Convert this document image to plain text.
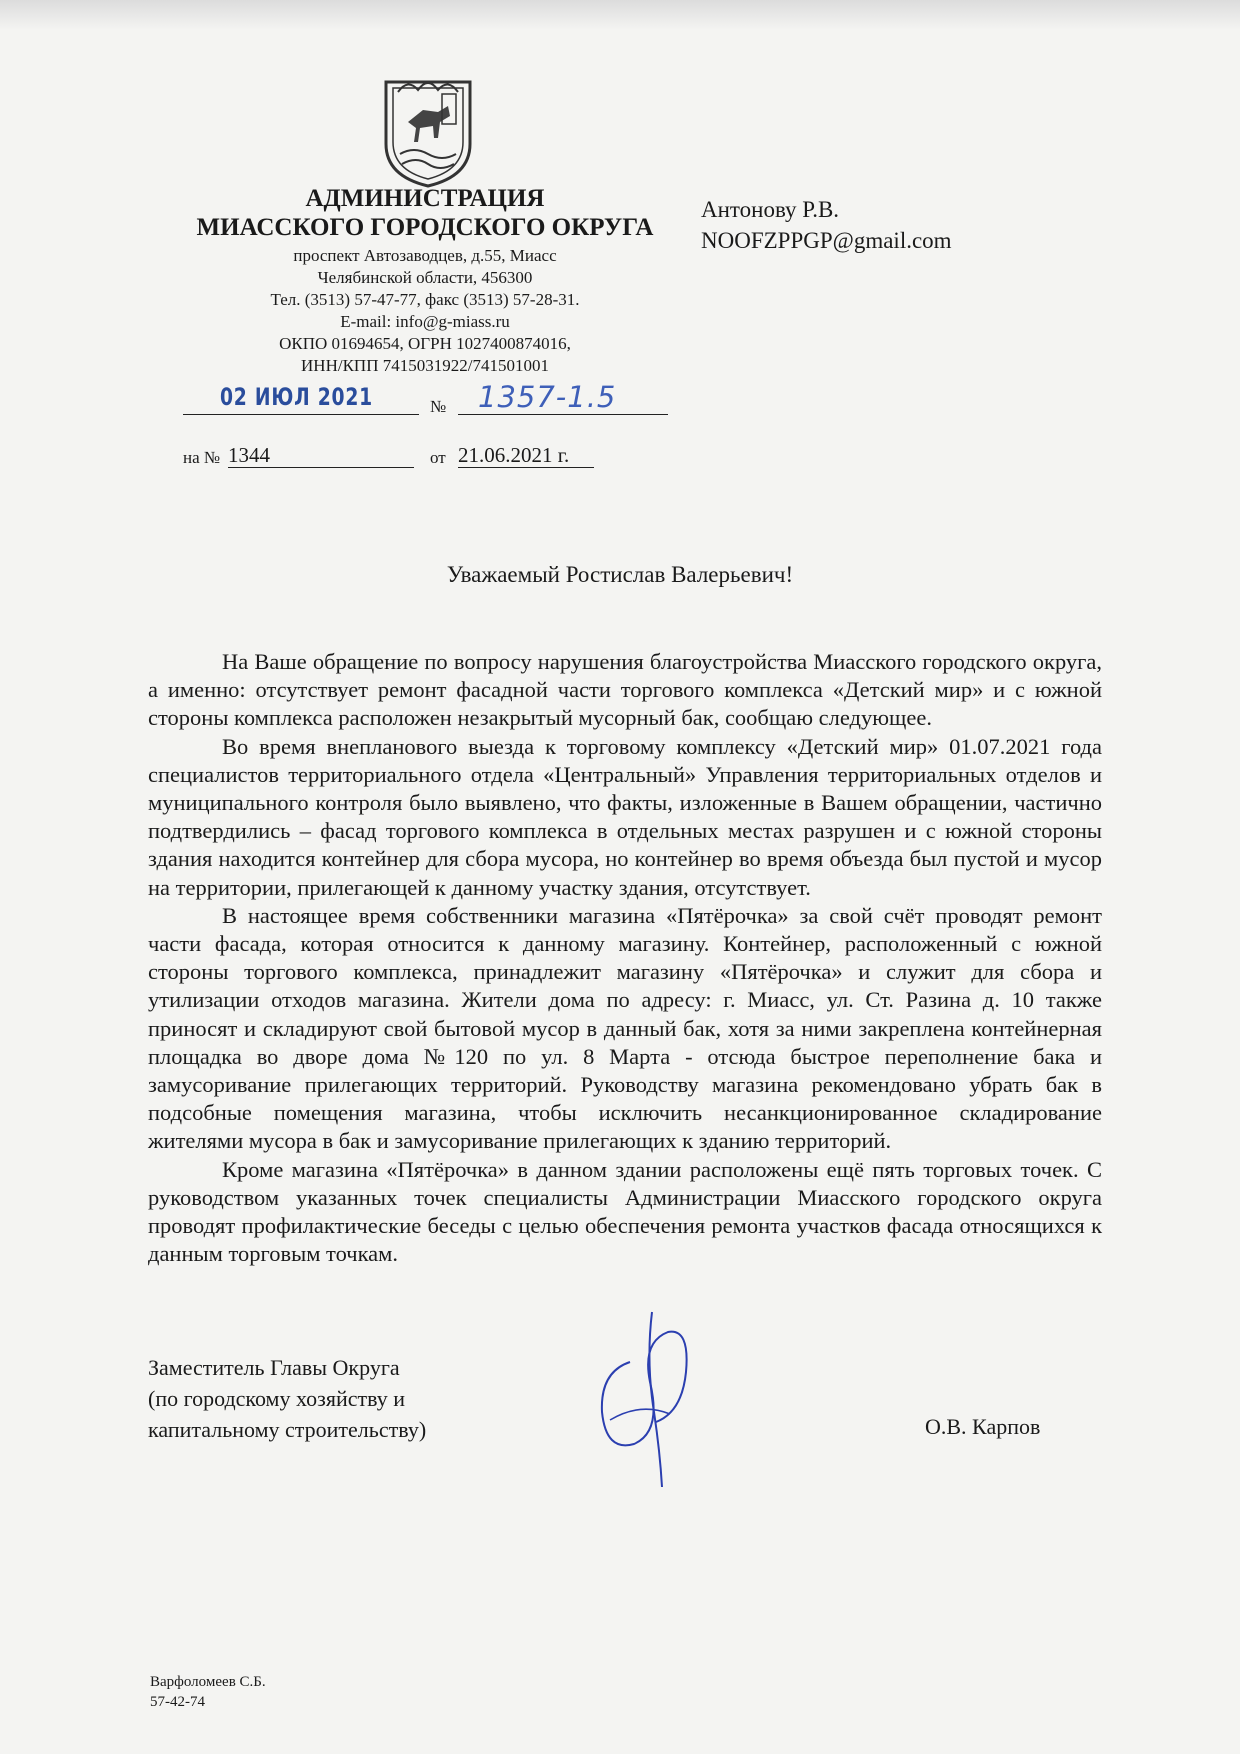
АДМИНИСТРАЦИЯ
МИАССКОГО ГОРОДСКОГО ОКРУГА
проспект Автозаводцев, д.55, Миасс
Челябинской области, 456300
Тел. (3513) 57-47-77, факс (3513) 57-28-31.
E-mail: info@g-miass.ru
ОКПО 01694654, ОГРН 1027400874016,
ИНН/КПП 7415031922/741501001
Антонову Р.В.
NOOFZPPGP@gmail.com
02 ИЮЛ 2021	№ 1357-1.5
на № 1344	от 21.06.2021 г.
Уважаемый Ростислав Валерьевич!

На Ваше обращение по вопросу нарушения благоустройства Миасского городского округа, а именно: отсутствует ремонт фасадной части торгового комплекса «Детский мир» и с южной стороны комплекса расположен незакрытый мусорный бак, сообщаю следующее.

Во время внепланового выезда к торговому комплексу «Детский мир» 01.07.2021 года специалистов территориального отдела «Центральный» Управления территориальных отделов и муниципального контроля было выявлено, что факты, изложенные в Вашем обращении, частично подтвердились – фасад торгового комплекса в отдельных местах разрушен и с южной стороны здания находится контейнер для сбора мусора, но контейнер во время объезда был пустой и мусор на территории, прилегающей к данному участку здания, отсутствует.

В настоящее время собственники магазина «Пятёрочка» за свой счёт проводят ремонт части фасада, которая относится к данному магазину. Контейнер, расположенный с южной стороны торгового комплекса, принадлежит магазину «Пятёрочка» и служит для сбора и утилизации отходов магазина. Жители дома по адресу: г. Миасс, ул. Ст. Разина д. 10 также приносят и складируют свой бытовой мусор в данный бак, хотя за ними закреплена контейнерная площадка во дворе дома №120 по ул. 8 Марта - отсюда быстрое переполнение бака и замусоривание прилегающих территорий. Руководству магазина рекомендовано убрать бак в подсобные помещения магазина, чтобы исключить несанкционированное складирование жителями мусора в бак и замусоривание прилегающих к зданию территорий.

Кроме магазина «Пятёрочка» в данном здании расположены ещё пять торговых точек. С руководством указанных точек специалисты Администрации Миасского городского округа проводят профилактические беседы с целью обеспечения ремонта участков фасада относящихся к данным торговым точкам.

Заместитель Главы Округа
(по городскому хозяйству и
капитальному строительству)	О.В. Карпов
Варфоломеев С.Б.
57-42-74
